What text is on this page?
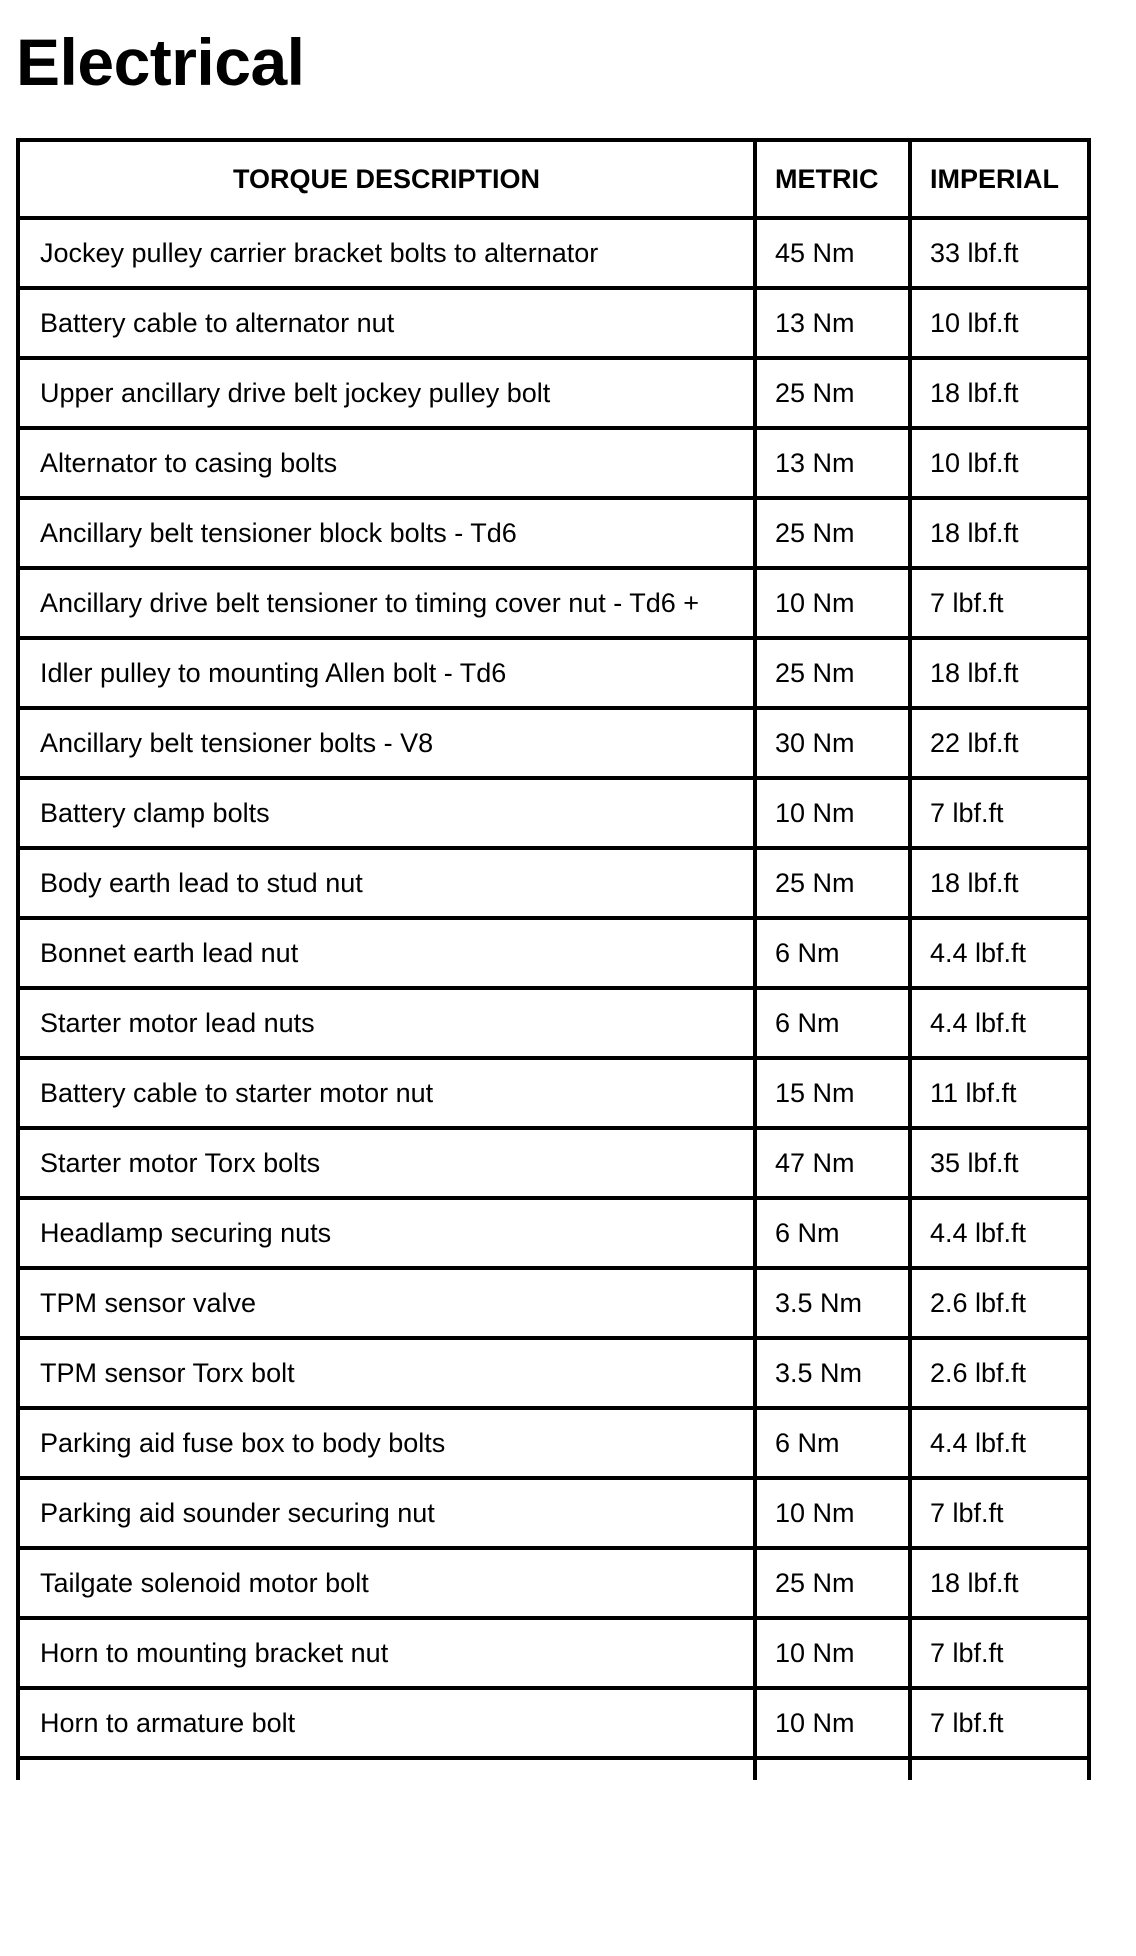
Electrical
TORQUE DESCRIPTION	METRIC	IMPERIAL
Jockey pulley carrier bracket bolts to alternator	45 Nm	33 lbf.ft
Battery cable to alternator nut	13 Nm	10 lbf.ft
Upper ancillary drive belt jockey pulley bolt	25 Nm	18 lbf.ft
Alternator to casing bolts	13 Nm	10 lbf.ft
Ancillary belt tensioner block bolts - Td6	25 Nm	18 lbf.ft
Ancillary drive belt tensioner to timing cover nut - Td6 +	10 Nm	7 lbf.ft
Idler pulley to mounting Allen bolt - Td6	25 Nm	18 lbf.ft
Ancillary belt tensioner bolts - V8	30 Nm	22 lbf.ft
Battery clamp bolts	10 Nm	7 lbf.ft
Body earth lead to stud nut	25 Nm	18 lbf.ft
Bonnet earth lead nut	6 Nm	4.4 lbf.ft
Starter motor lead nuts	6 Nm	4.4 lbf.ft
Battery cable to starter motor nut	15 Nm	11 lbf.ft
Starter motor Torx bolts	47 Nm	35 lbf.ft
Headlamp securing nuts	6 Nm	4.4 lbf.ft
TPM sensor valve	3.5 Nm	2.6 lbf.ft
TPM sensor Torx bolt	3.5 Nm	2.6 lbf.ft
Parking aid fuse box to body bolts	6 Nm	4.4 lbf.ft
Parking aid sounder securing nut	10 Nm	7 lbf.ft
Tailgate solenoid motor bolt	25 Nm	18 lbf.ft
Horn to mounting bracket nut	10 Nm	7 lbf.ft
Horn to armature bolt	10 Nm	7 lbf.ft
